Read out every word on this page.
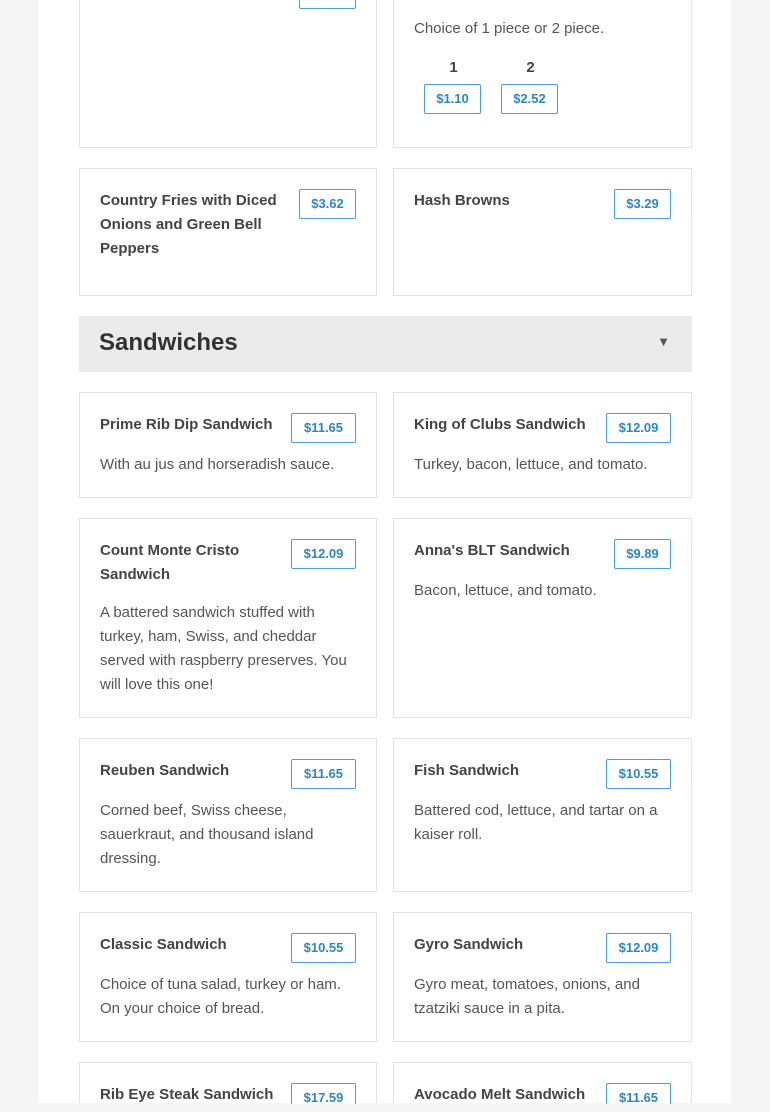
Choice of 1 piece or 2 piece.
1
$1.10
2
$2.52
Country Fries with Diced Onions and Green Bell Peppers
$3.62	Hash Browns	$3.29
Sandwiches	▼
Prime Rib Dip Sandwich	$11.65
With au jus and horseradish sauce.
King of Clubs Sandwich	$12.09
Turkey, bacon, lettuce, and tomato.
Count Monte Cristo Sandwich
$12.09
A battered sandwich stuffed with turkey, ham, Swiss, and cheddar served with raspberry preserves. You will love this one!
Anna's BLT Sandwich	$9.89
Bacon, lettuce, and tomato.
Reuben Sandwich	$11.65
Corned beef, Swiss cheese, sauerkraut, and thousand island dressing.
Fish Sandwich	$10.55
Battered cod, lettuce, and tartar on a kaiser roll.
Classic Sandwich	$10.55
Choice of tuna salad, turkey or ham. On your choice of bread.
Gyro Sandwich	$12.09
Gyro meat, tomatoes, onions, and tzatziki sauce in a pita.
Rib Eye Steak Sandwich	$17.59	Avocado Melt Sandwich	$11.65
